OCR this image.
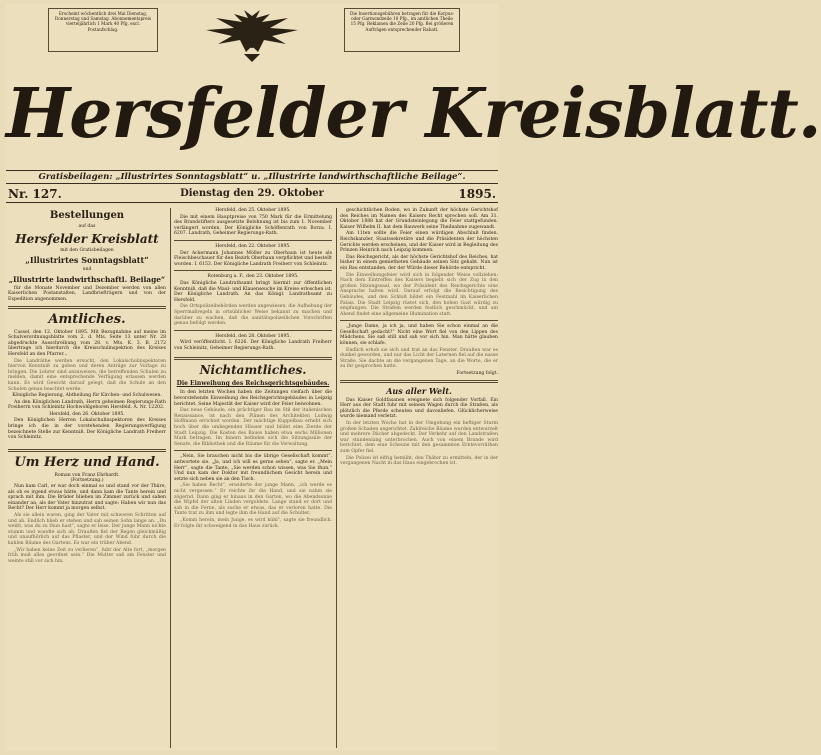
Erscheint wöchentlich drei Mal Dienstag, Donnerstag und Samstag. Abonnementspreis vierteljährlich 1 Mark 40 Pfg. excl. Postaufschlag.
Die Insertionsgebühren betragen für die Korpus- oder Garmondzeile 10 Pfg., im amtlichen Theile 15 Pfg. Reklamen die Zeile 20 Pfg. Bei größeren Aufträgen entsprechender Rabatt.
Hersfelder Kreisblatt.
Gratisbeilagen: „Illustrirtes Sonntagsblatt“ u. „Illustrirte landwirthschaftliche Beilage“.
Nr. 127.	Dienstag den 29. Oktober	1895.
Bestellungen
auf das
Hersfelder Kreisblatt
mit den Gratisbeilagen
„Illustrirtes Sonntagsblatt“
und
„Illustrirte landwirthschaftl. Beilage“

für die Monate November und Dezember werden von allen Kaiserlichen Postanstalten, Landbriefträgern und von der Expedition angenommen.

Amtliches.

Cassel, den 12. Oktober 1895. Mit Bezugnahme auf meine im Schulverordnungsblatte vom 2. d. Mts. Seite 13 unter Nr. 28 abgedruckte Ausschreibung vom 28. v. Mts. K. 3. B. 2172 übertrage ich hierdurch die Kreisschulinspektion des Kreises Hersfeld an den Pfarrer...

Die Landräthe werden ersucht, den Lokalschulinspektoren hiervon Kenntniß zu geben und deren Anträge zur Vorlage zu bringen. Die Lehrer sind anzuweisen, die betreffenden Schulen zu melden, damit eine entsprechende Verfügung erlassen werden kann. Es wird Gewicht darauf gelegt, daß die Schule an den Schulen genau beachtet werde.

Königliche Regierung, Abtheilung für Kirchen- und Schulwesen.

An den Königlichen Landrath, Herrn geheimen Regierungs-Rath Freiherrn von Schleinitz Hochwohlgeboren Hersfeld. A. Nr. 12202.

Hersfeld, den 26. Oktober 1895.

Den Königlichen Herren Lokalschulinspektoren des Kreises bringe ich die in der vorstehenden Regierungsverfügung bezeichnete Stelle zur Kenntniß. Der Königliche Landrath Freiherr von Schleinitz.

Um Herz und Hand.
Roman von Franz Ehrhardt.
(Fortsetzung.)

Nun kam Carl, er war doch einmal so und stand vor der Thüre, als ob es irgend etwas hätte, und dann kam die Tante herein und sprach mit ihm. Die Brüder blieben im Zimmer zurück und sahen einander an, als der Vater hinzutrat und sagte: Haben wir nun das Recht? Der Herr kommt ja morgen selbst.

Als sie allein waren, ging der Vater mit schweren Schritten auf und ab. Endlich blieb er stehen und sah seinen Sohn lange an. „Du weißt, was du zu thun hast“, sagte er leise. Der junge Mann nickte stumm und wandte sich ab. Draußen fiel der Regen gleichmäßig und unaufhörlich auf das Pflaster, und der Wind fuhr durch die kahlen Bäume des Gartens. Es war ein trüber Abend.

„Wir haben keine Zeit zu verlieren“, fuhr der Alte fort, „morgen früh muß alles geordnet sein.“ Die Mutter saß am Fenster und weinte still vor sich hin.

Hersfeld, den 25. Oktober 1895.

Die mit einem Hauptpreise von 750 Mark für die Ermittelung des Brandstifters ausgesetzte Belohnung ist bis zum 1. November verlängert worden. Der Königliche Schöffenrath von Borza. I. 6207. Landrath, Geheimer Regierungs-Rath.

Hersfeld, den 22. Oktober 1895.

Der Ackermann Johannes Möller zu Oberhaun ist heute als Fleischbeschauer für den Bezirk Oberhaun verpflichtet und bestellt worden. I. 6153. Der Königliche Landrath Freiherr von Schleinitz.

Rotenburg a. F., den 23. Oktober 1895.

Das Königliche Landrathsamt bringt hiermit zur öffentlichen Kenntniß, daß die Maul- und Klauenseuche im Kreise erloschen ist. Der Königliche Landrath. An das Königl. Landrathsamt zu Hersfeld.

Die Ortspolizeibehörden werden angewiesen, die Aufhebung der Sperrmaßregeln in ortsüblicher Weise bekannt zu machen und darüber zu wachen, daß die sanitätspolizeilichen Vorschriften genau befolgt werden.

Hersfeld, den 28. Oktober 1895.

Wird veröffentlicht. I. 6226. Der Königliche Landrath Freiherr von Schleinitz, Geheimer Regierungs-Rath.

Nichtamtliches.
Die Einweihung des Reichsgerichtsgebäudes.

In den letzten Wochen haben die Zeitungen vielfach über die bevorstehende Einweihung des Reichsgerichtsgebäudes in Leipzig berichtet. Seine Majestät der Kaiser wird der Feier beiwohnen.

Das neue Gebäude, ein prächtiger Bau im Stil der italienischen Renaissance, ist nach den Plänen des Architekten Ludwig Hoffmann errichtet worden. Der mächtige Kuppelbau erhebt sich hoch über die umliegenden Häuser und bildet eine Zierde der Stadt Leipzig. Die Kosten des Baues haben etwa sechs Millionen Mark betragen. Im Innern befinden sich die Sitzungssäle der Senate, die Bibliothek und die Räume für die Verwaltung.

„Nein, Sie brauchen nicht bis die übrige Gesellschaft kommt“, antwortete sie. „Ja, und ich will es gerne sehen“, sagte er. „Mein Herr“, sagte die Tante, „Sie werden schon wissen, was Sie thun.“ Und nun kam der Doktor mit freundlichem Gesicht herein und setzte sich neben sie an den Tisch.

„Sie haben Recht“, erwiderte der junge Mann, „ich werde es nicht vergessen.“ Er reichte ihr die Hand, und sie nahm sie zögernd. Dann ging er hinaus in den Garten, wo die Abendsonne die Wipfel der alten Linden vergoldete. Lange stand er dort und sah in die Ferne, als suche er etwas, das er verloren hatte. Die Tante trat zu ihm und legte ihm die Hand auf die Schulter.

„Komm herein, mein Junge, es wird kühl“, sagte sie freundlich. Er folgte ihr schweigend in das Haus zurück.

geschichtlichen Boden, wo in Zukunft der höchste Gerichtshof des Reiches im Namen des Kaisers Recht sprechen soll. Am 31. Oktober 1888 hat der Grundsteinlegung die Feier stattgefunden. Kaiser Wilhelm II. hat dem Bauwerk seine Theilnahme zugewandt.

Am 11ten sollte die Feier einen würdigen Abschluß finden. Reichskanzler, Staatssekretäre und die Präsidenten der höchsten Gerichte werden erscheinen, und der Kaiser wird in Begleitung des Prinzen Heinrich nach Leipzig kommen.

Das Reichsgericht, als der höchste Gerichtshof des Reiches, hat bisher in einem gemietheten Gebäude seinen Sitz gehabt. Nun ist ein Bau entstanden, der der Würde dieser Behörde entspricht.

Die Einweihungsfeier wird sich in folgender Weise vollziehen: Nach dem Eintreffen des Kaisers begiebt sich der Zug in den großen Sitzungssaal, wo der Präsident des Reichsgerichts eine Ansprache halten wird. Darauf erfolgt die Besichtigung des Gebäudes, und den Schluß bildet ein Festmahl im Kaiserlichen Palais. Die Stadt Leipzig rüstet sich, den hohen Gast würdig zu empfangen. Die Straßen werden festlich geschmückt, und am Abend findet eine allgemeine Illumination statt.

„Junge Dame, ja ich ja, und haben Sie schon einmal an die Gesellschaft gedacht?“ Nicht eine Wort fiel von den Lippen des Mädchens. Sie saß still und sah vor sich hin. Man hätte glauben können, sie schlafe.

Endlich erhob sie sich und trat an das Fenster. Draußen war es dunkel geworden, und nur das Licht der Laternen fiel auf die nasse Straße. Sie dachte an die vergangenen Tage, an die Worte, die er zu ihr gesprochen hatte.

Fortsetzung folgt.

Aus aller Welt.

Das Kaiser Goldfasanen ereignete sich folgender Vorfall. Ein Herr aus der Stadt fuhr mit seinem Wagen durch die Straßen, als plötzlich die Pferde scheuten und davonliefen. Glücklicherweise wurde niemand verletzt.

In der letzten Woche hat in der Umgebung ein heftiger Sturm großen Schaden angerichtet. Zahlreiche Bäume wurden entwurzelt und mehrere Dächer abgedeckt. Der Verkehr auf den Landstraßen war stundenlang unterbrochen. Auch von einem Brande wird berichtet, dem eine Scheune mit den gesammten Erntevorräthen zum Opfer fiel.

Die Polizei ist eifrig bemüht, den Thäter zu ermitteln, der in der vergangenen Nacht in das Haus eingebrochen ist.
